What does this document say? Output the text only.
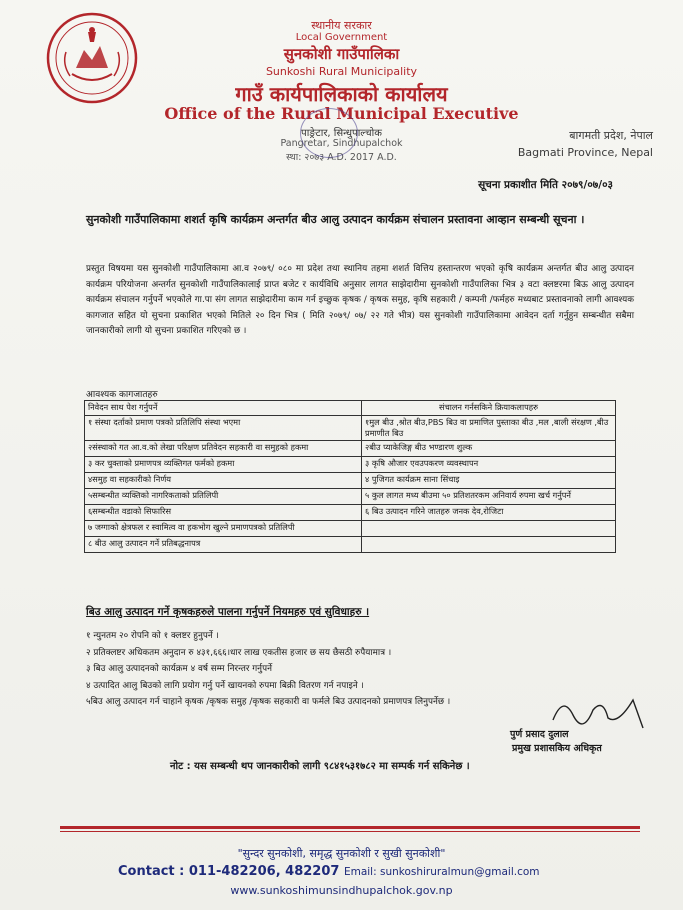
स्थानीय सरकार
Local Government
सुनकोशी गाउँपालिका
Sunkoshi Rural Municipality
गाउँ कार्यपालिकाको कार्यालय
Office of the Rural Municipal Executive
पाङ्रेटार, सिन्धुपाल्चोक
Pangretar, Sindhupalchok
स्था: २०७३ A.D. 2017 A.D.
बागमती प्रदेश, नेपाल
Bagmati Province, Nepal
सूचना प्रकाशीत मिति २०७९/०७/०३
सुनकोशी गाउँपालिकामा शशर्त कृषि कार्यक्रम अन्तर्गत बीउ आलु उत्पादन कार्यक्रम संचालन प्रस्तावना आव्हान सम्बन्धी सूचना ।
प्रस्तुत विषयमा यस सुनकोशी गाउँपालिकामा आ.व २०७९/ ०८० मा प्रदेश तथा स्थानिय तहमा शशर्त वित्तिय हस्तान्तरण भएको कृषि कार्यक्रम अन्तर्गत बीउ आलु उत्पादन कार्यक्रम परियोजना अन्तर्गत सुनकोशी गाउँपालिकालाई प्राप्त बजेट र कार्यविधि अनुसार लागत साझेदारीमा सुनकोशी गाउँपालिका भित्र ३ वटा क्लष्टरमा बिऊ आलु उत्पादन कार्यक्रम संचालन गर्नुपर्ने भएकोले गा.पा संग लागत साझेदारीमा काम गर्न इच्छुक कृषक / कृषक समुह, कृषि सहकारी / कम्पनी /फर्महरु मध्यबाट प्रस्तावनाको लागी आवश्यक कागजात सहित यो सुचना प्रकाशित भएको मितिले २० दिन भित्र ( मिति २०७९/ ०७/ २२ गते भीत्र) यस सुनकोशी गाउँपालिकामा आवेदन दर्ता गर्नुहुन सम्बन्धीत सबैमा जानकारीको लागी यो सुचना प्रकाशित गरिएको छ ।
आवश्यक कागजातहरु
निवेदन साथ पेश गर्नुपर्ने	संचालन गर्नसकिने क्रियाकलापहरु
१ संस्था दर्ताको प्रमाण पत्रको प्रतिलिपि संस्था भएमा	१मुल बीउ ,श्रोत बीउ,PBS बिउ वा प्रमाणित पुस्ताका बीउ ,मल ,बाली संरक्षण ,बीउ प्रमाणीत बिउ
२संस्थाको गत आ.व.को लेखा परिक्षण प्रतिवेदन सहकारी वा समुहको हकमा	२बीउ प्याकेजिङ्ग बीउ भण्डारण शुल्क
३ कर चुक्ताको प्रमाणपत्र व्यक्तिगत फर्मको हकमा	३ कृषि औजार एवउपकरण व्यवस्थापन
४समुह वा सहकारीको निर्णय	४ पुजिगत कार्यक्रम साना सिंचाइ
५सम्बन्धीत व्यक्तिको नागरिकताको प्रतिलिपी	५ कुल लागत मध्य बीउमा ५० प्रतिशतरकम अनिवार्य रुपमा खर्च गर्नुपर्ने
६सम्बन्धीत वडाको सिफारिस	६ बिउ उत्पादन गरिने जातहरु जनक देव,रोजिटा
७ जग्गाको क्षेत्रफल र स्वामित्व वा हकभोग खुल्ने प्रमाणपत्रको प्रतिलिपी	
८ बीउ आलु उत्पादन गर्ने प्रतिबद्धनापत्र	
बिउ आलु उत्पादन गर्ने कृषकहरुले पालना गर्नुपर्ने नियमहरु एवं सुविधाहरु ।
१ न्युनतम २० रोपनि को १ क्लष्टर हुनुपर्ने ।
२ प्रतिक्लष्टर अधिकतम अनुदान रु ४३१,६६६।धार लाख एकतीस हजार छ सय छैसठी रुपैयामात्र ।
३ बिउ आलु उत्पादनको कार्यक्रम ४ वर्ष सम्म निरन्तर गर्नुपर्ने
४ उत्पादित आलु बिउको लागि प्रयोग गर्नु पर्ने खायनको रुपमा बिक्री वितरण गर्न नपाइने ।
५बिउ आलु उत्पादन गर्न चाहाने कृषक /कृषक समुह /कृषक सहकारी वा फर्मले बिउ उत्पादनको प्रमाणपत्र लिनुपर्नेछ ।
पुर्ण प्रसाद दुलाल
प्रमुख प्रशासकिय अधिकृत
नोट : यस सम्बन्धी थप जानकारीको लागी ९८४१५३१७८२ मा सम्पर्क गर्न सकिनेछ ।
"सुन्दर सुनकोशी, समृद्ध सुनकोशी र सुखी सुनकोशी"
Contact : 011-482206, 482207 Email: sunkoshiruralmun@gmail.com
www.sunkoshimunsindhupalchok.gov.np
